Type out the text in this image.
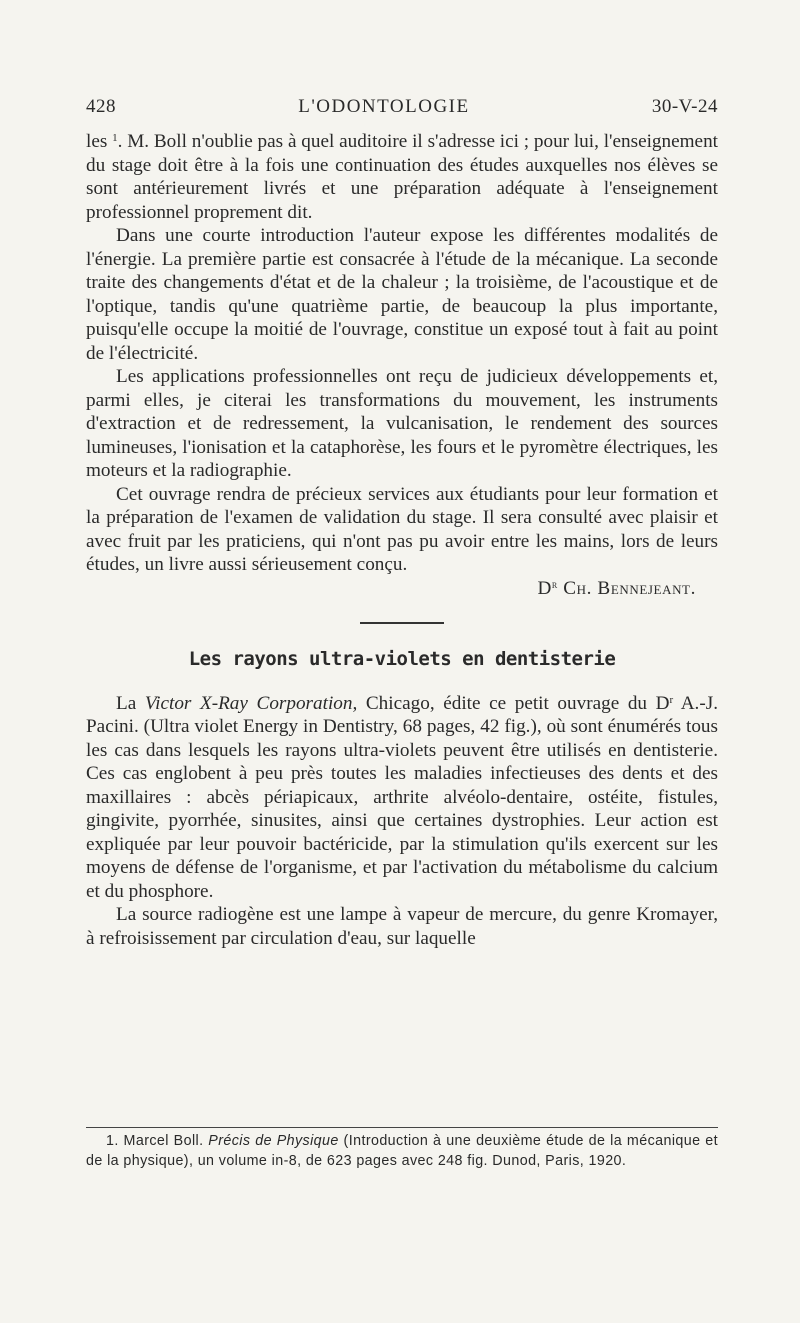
428	L'ODONTOLOGIE	30-V-24

les $^1$. M. Boll n'oublie pas à quel auditoire il s'adresse ici ; pour lui, l'enseignement du stage doit être à la fois une continuation des études auxquelles nos élèves se sont antérieurement livrés et une préparation adéquate à l'enseignement professionnel proprement dit.

Dans une courte introduction l'auteur expose les différentes modalités de l'énergie. La première partie est consacrée à l'étude de la mécanique. La seconde traite des changements d'état et de la chaleur ; la troisième, de l'acoustique et de l'optique, tandis qu'une quatrième partie, de beaucoup la plus importante, puisqu'elle occupe la moitié de l'ouvrage, constitue un exposé tout à fait au point de l'électricité.

Les applications professionnelles ont reçu de judicieux développements et, parmi elles, je citerai les transformations du mouvement, les instruments d'extraction et de redressement, la vulcanisation, le rendement des sources lumineuses, l'ionisation et la cataphorèse, les fours et le pyromètre électriques, les moteurs et la radiographie.

Cet ouvrage rendra de précieux services aux étudiants pour leur formation et la préparation de l'examen de validation du stage. Il sera consulté avec plaisir et avec fruit par les praticiens, qui n'ont pas pu avoir entre les mains, lors de leurs études, un livre aussi sérieusement conçu.

$D^r$ Ch. Bennejeant.
Les rayons ultra-violets en dentisterie

La Victor X-Ray Corporation, Chicago, édite ce petit ouvrage du $D^r$ A.-J. Pacini. (Ultra violet Energy in Dentistry, 68 pages, 42 fig.), où sont énumérés tous les cas dans lesquels les rayons ultra-violets peuvent être utilisés en dentisterie. Ces cas englobent à peu près toutes les maladies infectieuses des dents et des maxillaires : abcès périapicaux, arthrite alvéolo-dentaire, ostéite, fistules, gingivite, pyorrhée, sinusites, ainsi que certaines dystrophies. Leur action est expliquée par leur pouvoir bactéricide, par la stimulation qu'ils exercent sur les moyens de défense de l'organisme, et par l'activation du métabolisme du calcium et du phosphore.

La source radiogène est une lampe à vapeur de mercure, du genre Kromayer, à refroisissement par circulation d'eau, sur laquelle

1. Marcel Boll. Précis de Physique (Introduction à une deuxième étude de la mécanique et de la physique), un volume in-8, de 623 pages avec 248 fig. Dunod, Paris, 1920.
